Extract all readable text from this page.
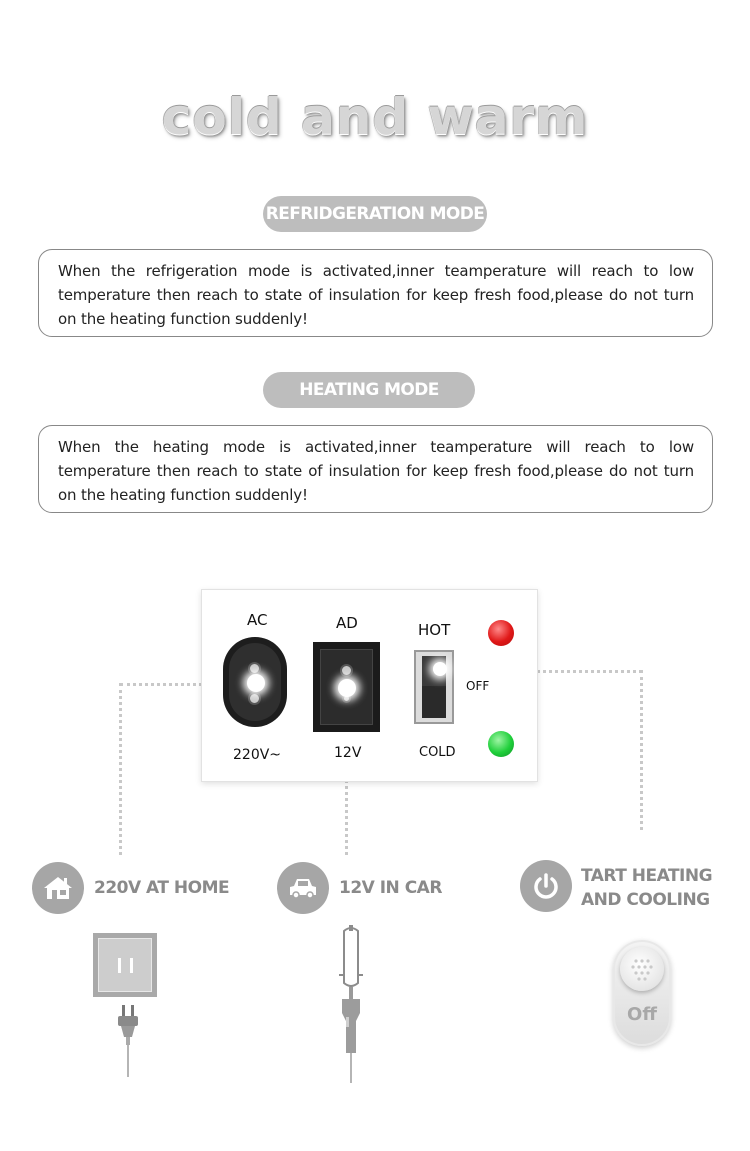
cold and warm
REFRIDGERATION MODE
When the refrigeration mode is activated,inner teamperature will reach to low temperature then reach to state of insulation for keep fresh food,please do not turn on the heating function suddenly!
HEATING MODE
When the heating mode is activated,inner teamperature will reach to low temperature then reach to state of insulation for keep fresh food,please do not turn on the heating function suddenly!
AC
220V~
AD
12V
HOT
OFF
COLD
220V AT HOME	12V IN CAR
TART HEATING
AND COOLING
Off
